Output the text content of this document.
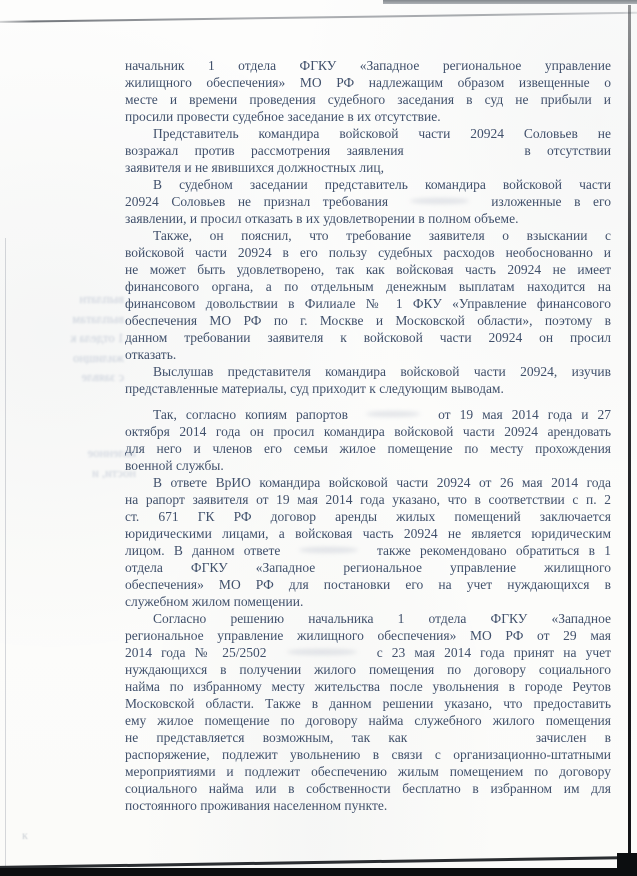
начальник 1 отдела ФГКУ «Западное региональное управление
жилищного обеспечения» МО РФ надлежащим образом извещенные о
месте и времени проведения судебного заседания в суд не прибыли и
просили провести судебное заседание в их отсутствие.
Представитель командира войсковой части 20924 Соловьев не
возражал против рассмотрения заявления	в отсутствии
заявителя и не явившихся должностных лиц,
В судебном заседании представитель командира войсковой части
20924 Соловьев не признал требования	изложенные в его
заявлении, и просил отказать в их удовлетворении в полном объеме.
Также, он пояснил, что требование заявителя о взыскании с
войсковой части 20924 в его пользу судебных расходов необоснованно и
не может быть удовлетворено, так как войсковая часть 20924 не имеет
финансового органа, а по отдельным денежным выплатам находится на
финансовом довольствии в Филиале № 1 ФКУ «Управление финансового
обеспечения МО РФ по г. Москве и Московской области», поэтому в
данном требовании заявителя к войсковой части 20924 он просил
отказать.
Выслушав представителя командира войсковой части 20924, изучив
представленные материалы, суд приходит к следующим выводам.
Так, согласно копиям рапортов	от 19 мая 2014 года и 27
октября 2014 года он просил командира войсковой части 20924 арендовать
для него и членов его семьи жилое помещение по месту прохождения
военной службы.
В ответе ВрИО командира войсковой части 20924 от 26 мая 2014 года
на рапорт заявителя от 19 мая 2014 года указано, что в соответствии с п. 2
ст. 671 ГК РФ договор аренды жилых помещений заключается
юридическими лицами, а войсковая часть 20924 не является юридическим
лицом. В данном ответе	также рекомендовано обратиться в 1
отдела ФГКУ «Западное региональное управление жилищного
обеспечения» МО РФ для постановки его на учет нуждающихся в
служебном жилом помещении.
Согласно решению начальника 1 отдела ФГКУ «Западное
региональное управление жилищного обеспечения» МО РФ от 29 мая
2014 года № 25/2502	с 23 мая 2014 года принят на учет
нуждающихся в получении жилого помещения по договору социального
найма по избранному месту жительства после увольнения в городе Реутов
Московской области. Также в данном решении указано, что предоставить
ему жилое помещение по договору найма служебного жилого помещения
не представляется возможным, так как	зачислен в
распоряжение, подлежит увольнению в связи с организационно-штатными
мероприятиями и подлежит обеспечению жилым помещением по договору
социального найма или в собственности бесплатно в избранном им для
постоянного проживания населенном пункте.
выплатн
выплатам
1 отдела к
жилищно
с заявле
авленное
ности, и
к
